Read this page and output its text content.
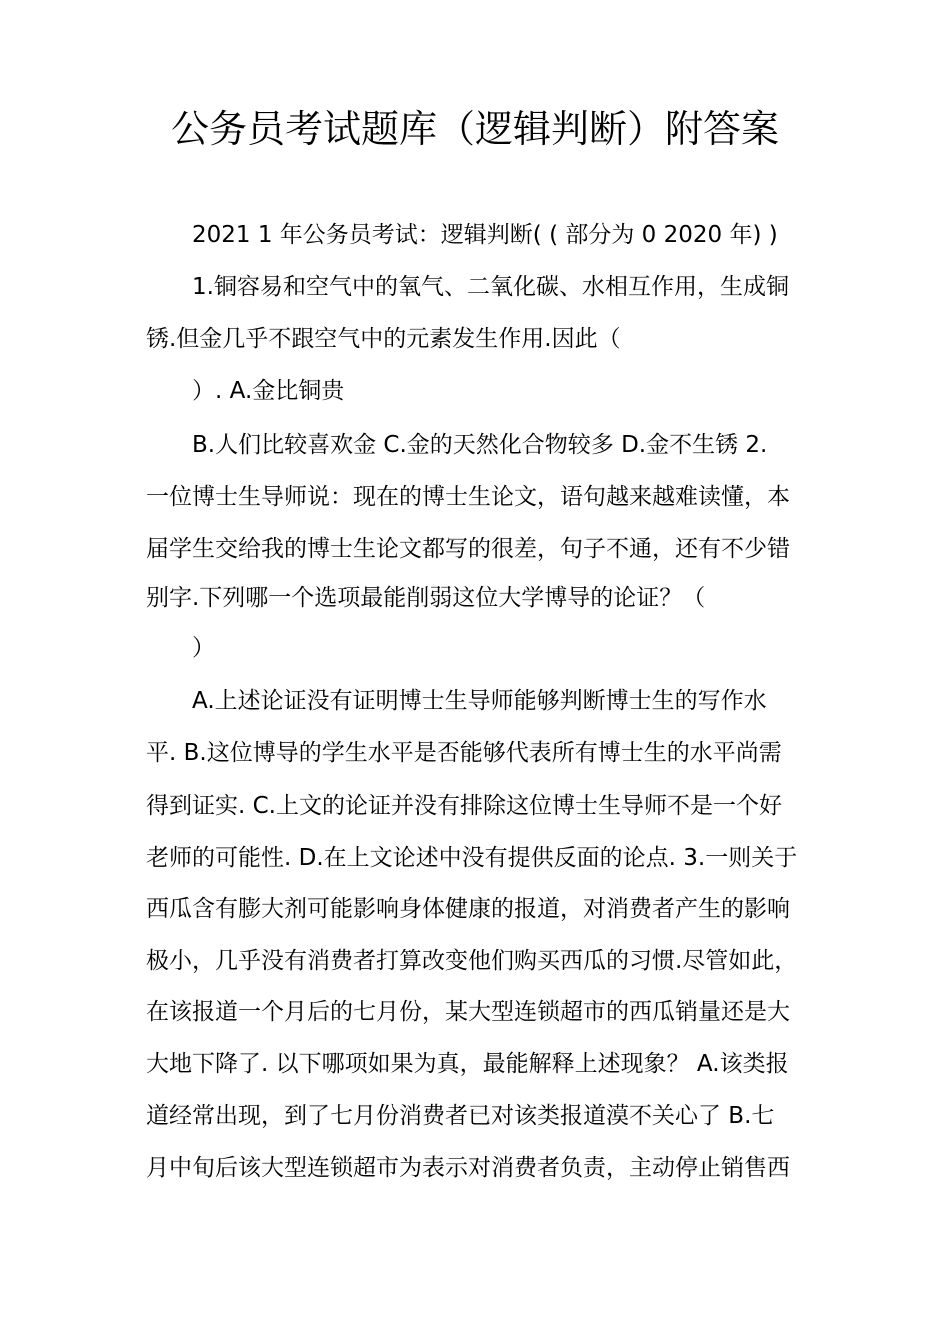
公务员考试题库（逻辑判断）附答案

2021 1 年公务员考试：逻辑判断( ( 部分为 0 2020 年) )

1.铜容易和空气中的氧气、二氧化碳、水相互作用，生成铜

锈.但金几乎不跟空气中的元素发生作用.因此（

）. A.金比铜贵

B.人们比较喜欢金 C.金的天然化合物较多 D.金不生锈 2.

一位博士生导师说：现在的博士生论文，语句越来越难读懂，本

届学生交给我的博士生论文都写的很差，句子不通，还有不少错

别字.下列哪一个选项最能削弱这位大学博导的论证？（

）

A.上述论证没有证明博士生导师能够判断博士生的写作水

平. B.这位博导的学生水平是否能够代表所有博士生的水平尚需

得到证实. C.上文的论证并没有排除这位博士生导师不是一个好

老师的可能性. D.在上文论述中没有提供反面的论点. 3.一则关于

西瓜含有膨大剂可能影响身体健康的报道，对消费者产生的影响

极小，几乎没有消费者打算改变他们购买西瓜的习惯.尽管如此，

在该报道一个月后的七月份，某大型连锁超市的西瓜销量还是大

大地下降了. 以下哪项如果为真，最能解释上述现象？ A.该类报

道经常出现，到了七月份消费者已对该类报道漠不关心了 B.七

月中旬后该大型连锁超市为表示对消费者负责，主动停止销售西
